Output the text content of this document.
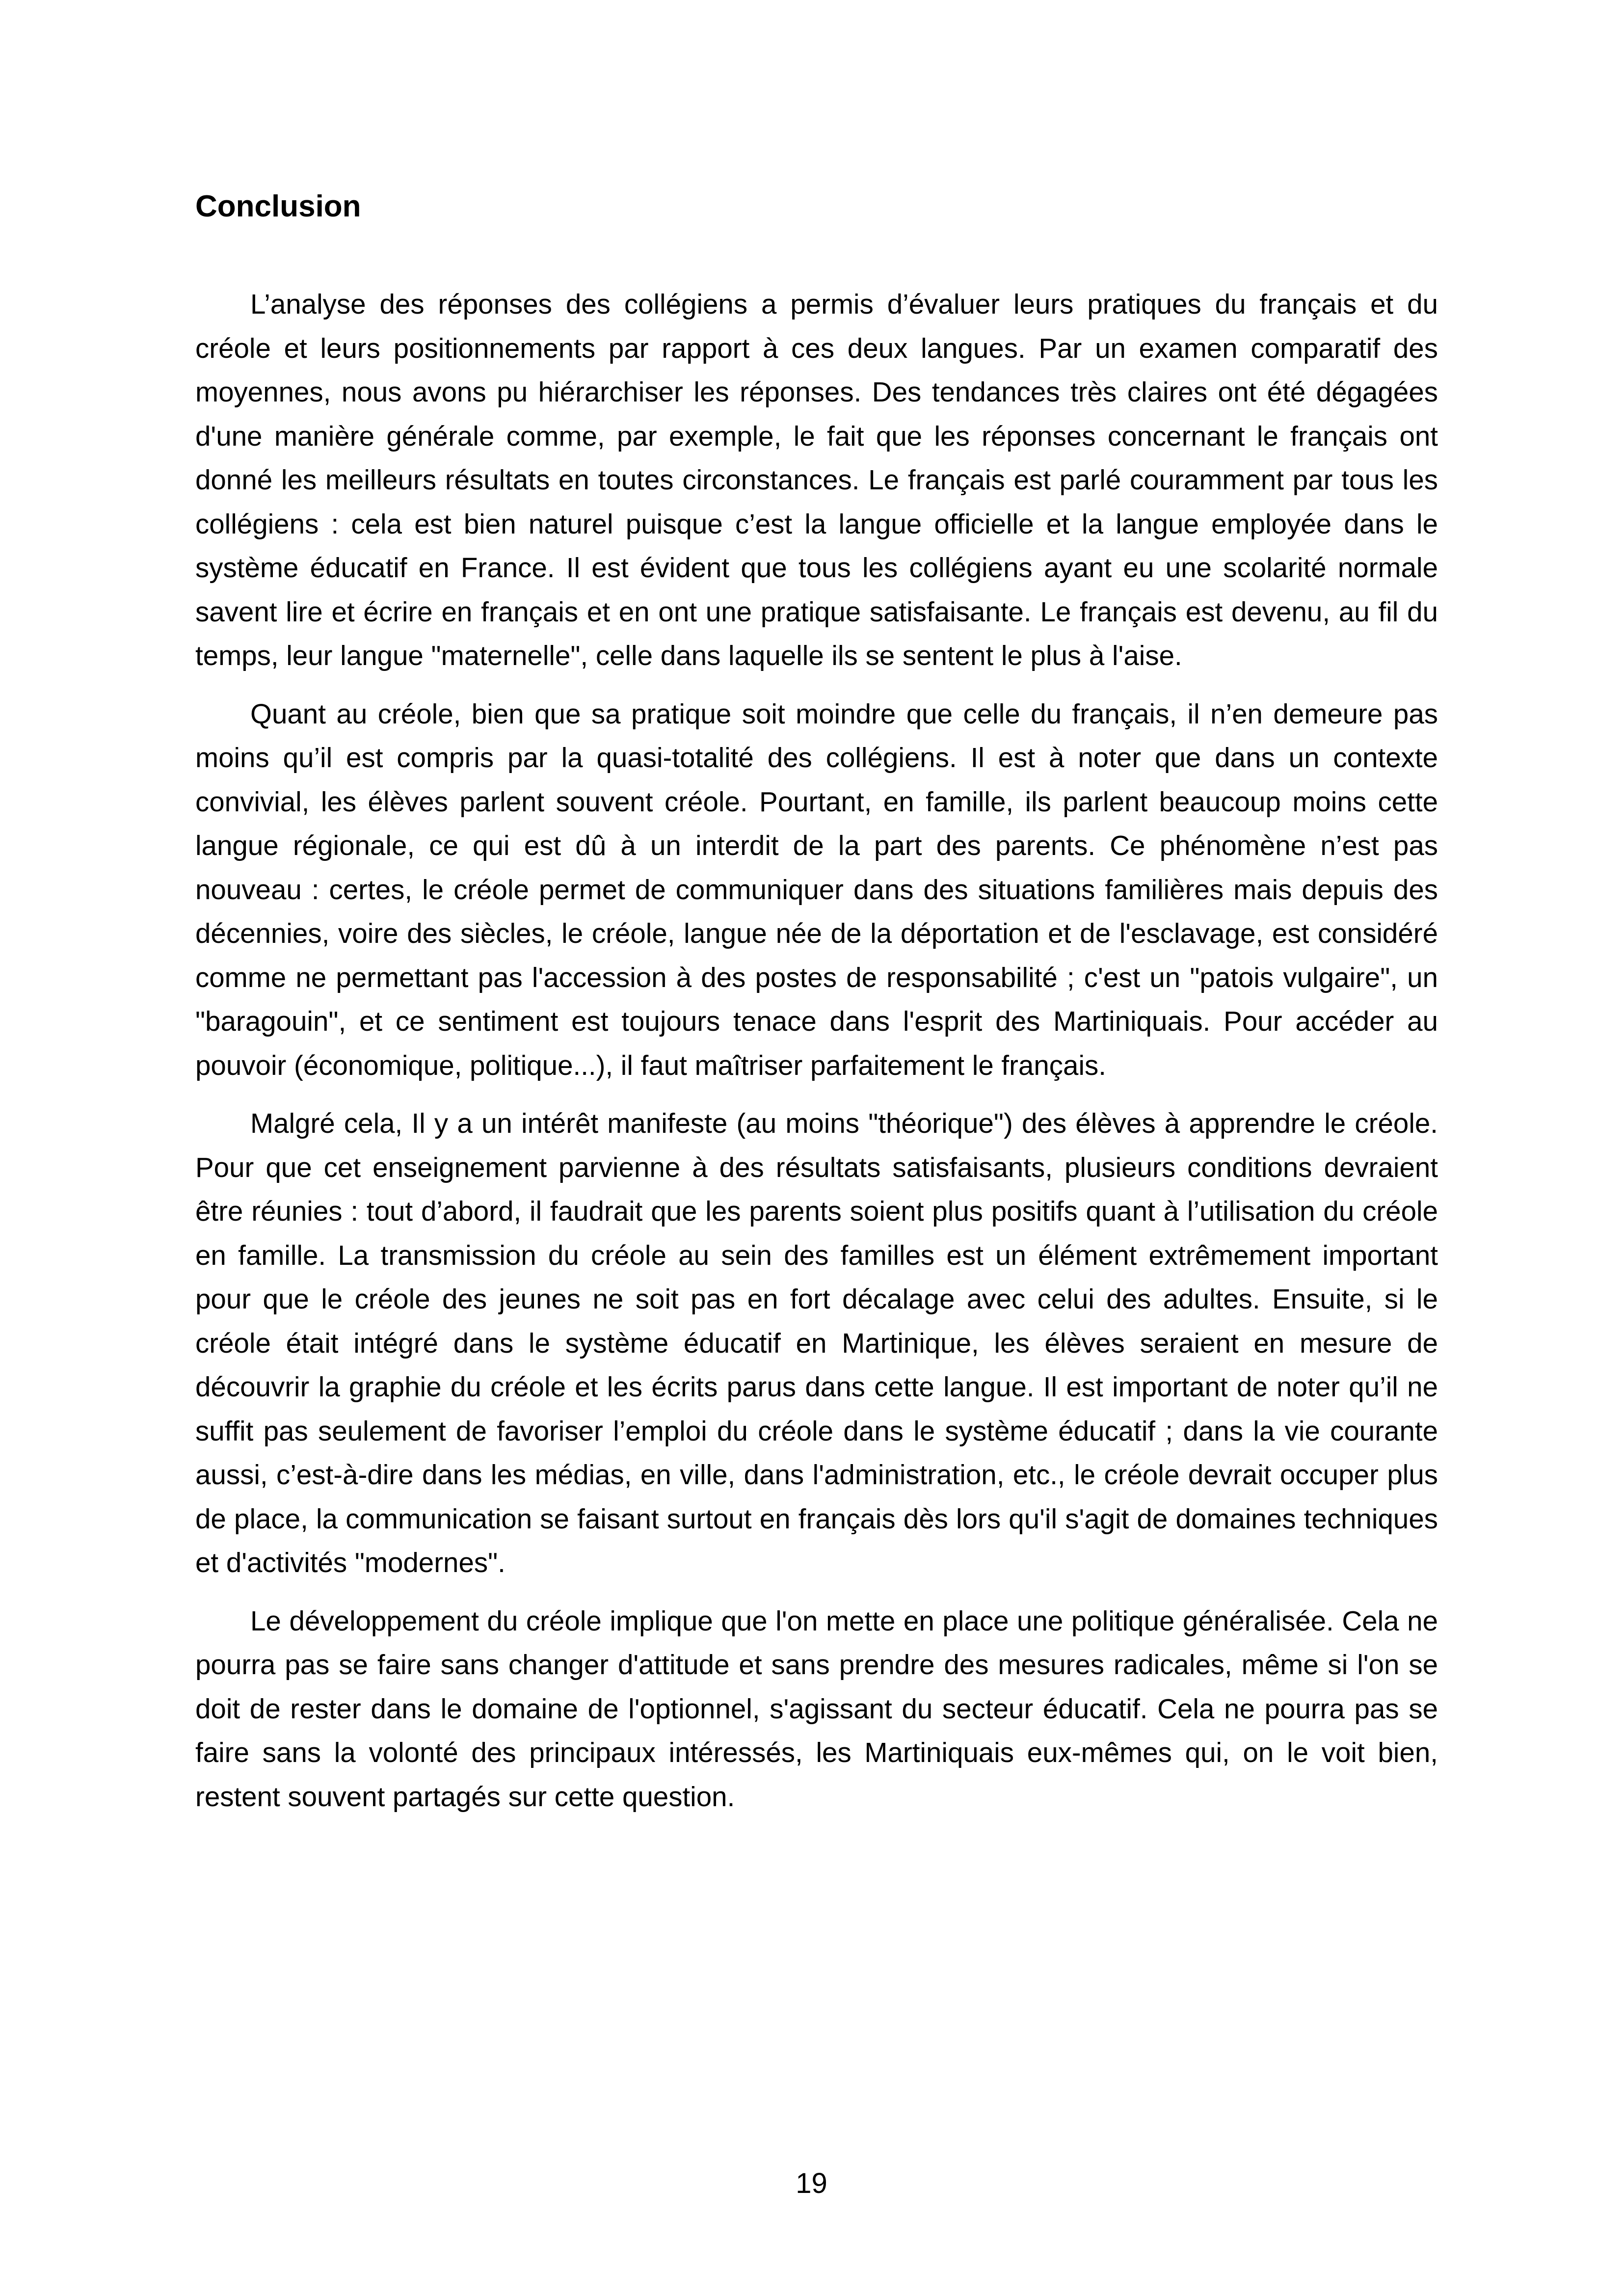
Conclusion

L’analyse des réponses des collégiens a permis d’évaluer leurs pratiques du français et du créole et leurs positionnements par rapport à ces deux langues. Par un examen comparatif des moyennes, nous avons pu hiérarchiser les réponses. Des tendances très claires ont été dégagées d'une manière générale comme, par exemple, le fait que les réponses concernant le français ont donné les meilleurs résultats en toutes circonstances. Le français est parlé couramment par tous les collégiens : cela est bien naturel puisque c’est la langue officielle et la langue employée dans le système éducatif en France. Il est évident que tous les collégiens ayant eu une scolarité normale savent lire et écrire en français et en ont une pratique satisfaisante. Le français est devenu, au fil du temps, leur langue "maternelle", celle dans laquelle ils se sentent le plus à l'aise.

Quant au créole, bien que sa pratique soit moindre que celle du français, il n’en demeure pas moins qu’il est compris par la quasi-totalité des collégiens. Il est à noter que dans un contexte convivial, les élèves parlent souvent créole. Pourtant, en famille, ils parlent beaucoup moins cette langue régionale, ce qui est dû à un interdit de la part des parents. Ce phénomène n’est pas nouveau : certes, le créole permet de communiquer dans des situations familières mais depuis des décennies, voire des siècles, le créole, langue née de la déportation et de l'esclavage, est considéré comme ne permettant pas l'accession à des postes de responsabilité ; c'est un "patois vulgaire", un "baragouin", et ce sentiment est toujours tenace dans l'esprit des Martiniquais. Pour accéder au pouvoir (économique, politique...), il faut maîtriser parfaitement le français.

Malgré cela, Il y a un intérêt manifeste (au moins "théorique") des élèves à apprendre le créole. Pour que cet enseignement parvienne à des résultats satisfaisants, plusieurs conditions devraient être réunies : tout d’abord, il faudrait que les parents soient plus positifs quant à l’utilisation du créole en famille. La transmission du créole au sein des familles est un élément extrêmement important pour que le créole des jeunes ne soit pas en fort décalage avec celui des adultes. Ensuite, si le créole était intégré dans le système éducatif en Martinique, les élèves seraient en mesure de découvrir la graphie du créole et les écrits parus dans cette langue. Il est important de noter qu’il ne suffit pas seulement de favoriser l’emploi du créole dans le système éducatif ; dans la vie courante aussi, c’est-à-dire dans les médias, en ville, dans l'administration, etc., le créole devrait occuper plus de place, la communication se faisant surtout en français dès lors qu'il s'agit de domaines techniques et d'activités "modernes".

Le développement du créole implique que l'on mette en place une politique généralisée. Cela ne pourra pas se faire sans changer d'attitude et sans prendre des mesures radicales, même si l'on se doit de rester dans le domaine de l'optionnel, s'agissant du secteur éducatif. Cela ne pourra pas se faire sans la volonté des principaux intéressés, les Martiniquais eux-mêmes qui, on le voit bien, restent souvent partagés sur cette question.

19
